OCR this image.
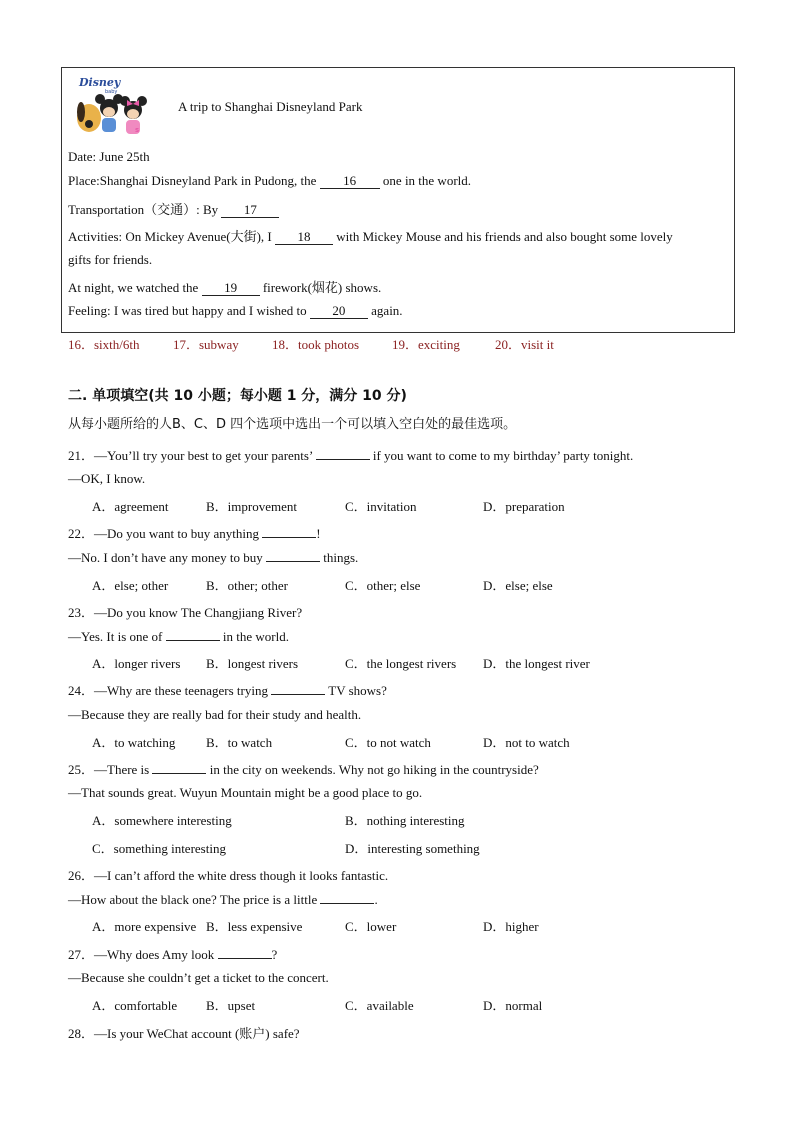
Disney
baby
s
A trip to Shanghai Disneyland Park
Date: June 25th
Place:Shanghai Disneyland Park in Pudong, the 16 one in the world.
Transportation（交通）: By 17
Activities: On Mickey Avenue(大街), I 18 with Mickey Mouse and his friends and also bought some lovely
gifts for friends.
At night, we watched the 19 firework(烟花) shows.
Feeling: I was tired but happy and I wished to 20 again.
16．sixth/6th	17．subway	18．took photos	19．exciting	20．visit it
二. 单项填空(共 10 小题；每小题 1 分，满分 10 分)
从每小题所给的人B、C、D 四个选项中选出一个可以填入空白处的最佳选项。
21．—You’ll try your best to get your parents’	if you want to come to my birthday’ party tonight.
—OK, I know.
A．agreement	B．improvement	C．invitation	D．preparation
22．—Do you want to buy anything	!
—No. I don’t have any money to buy	things.
A．else; other	B．other; other	C．other; else	D．else; else
23．—Do you know The Changjiang River?
—Yes. It is one of	in the world.
A．longer rivers B．longest rivers	C．the longest rivers D．the longest river
24．—Why are these teenagers trying	TV shows?
—Because they are really bad for their study and health.
A．to watching B．to watch	C．to not watch	D．not to watch
25．—There is	in the city on weekends. Why not go hiking in the countryside?
—That sounds great. Wuyun Mountain might be a good place to go.
A．somewhere interesting	B．nothing interesting
C．something interesting	D．interesting something
26．—I can’t afford the white dress though it looks fantastic.
—How about the black one? The price is a little	.
A．more expensive B．less expensive	C．lower	D．higher
27．—Why does Amy look	?
—Because she couldn’t get a ticket to the concert.
A．comfortable B．upset	C．available	D．normal
28．—Is your WeChat account (账户) safe?
